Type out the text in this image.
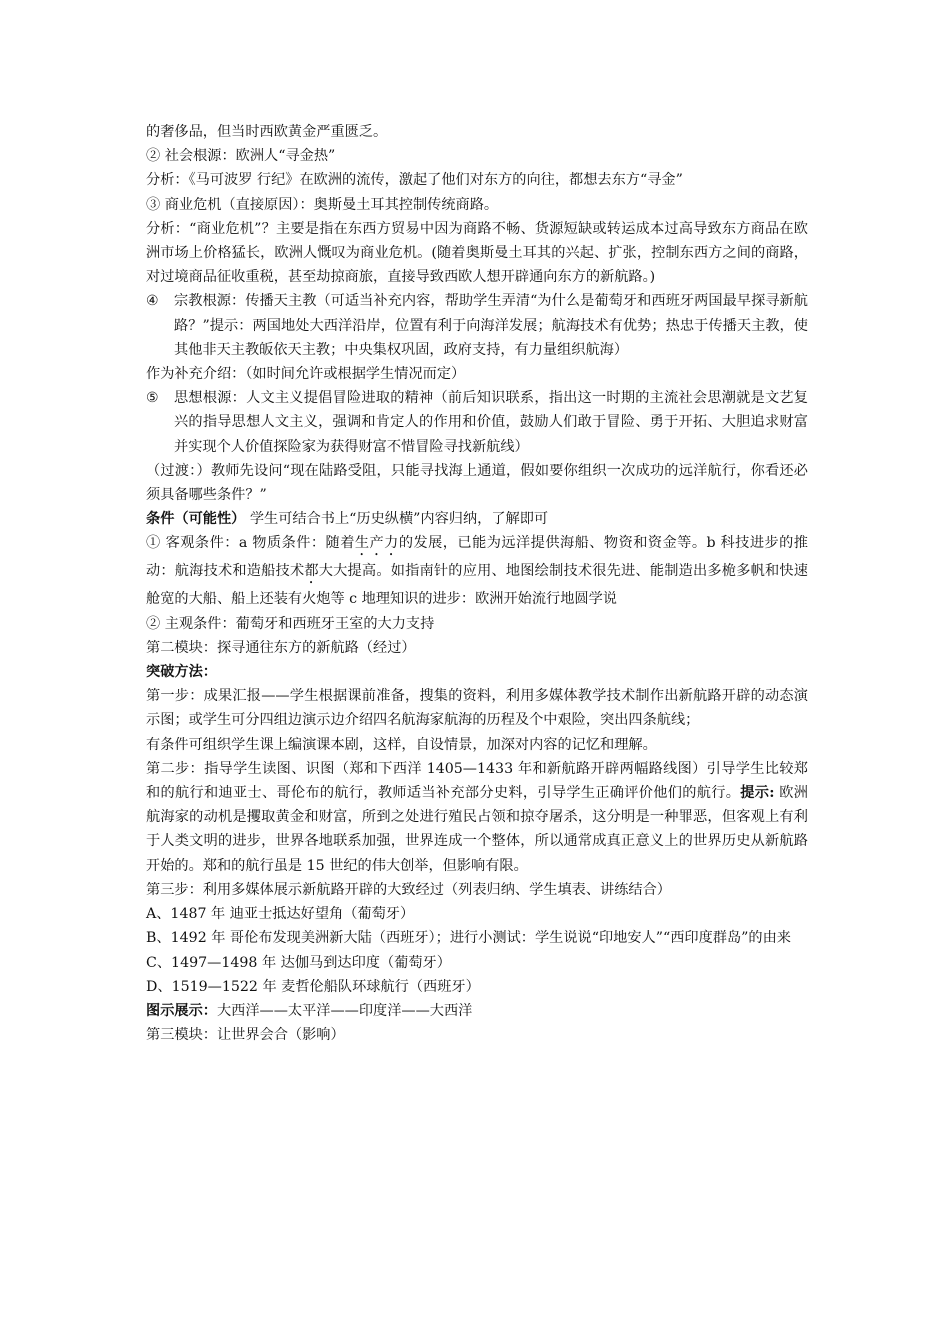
的奢侈品，但当时西欧黄金严重匮乏。

② 社会根源：欧洲人“寻金热”

分析：《马可波罗 行纪》在欧洲的流传，激起了他们对东方的向往，都想去东方“寻金”

③ 商业危机（直接原因）：奥斯曼土耳其控制传统商路。

分析：“商业危机”？主要是指在东西方贸易中因为商路不畅、货源短缺或转运成本过高导致东方商品在欧洲市场上价格猛长，欧洲人慨叹为商业危机。(随着奥斯曼土耳其的兴起、扩张，控制东西方之间的商路，对过境商品征收重税，甚至劫掠商旅，直接导致西欧人想开辟通向东方的新航路。)

④	宗教根源：传播天主教（可适当补充内容，帮助学生弄清“为什么是葡萄牙和西班牙两国最早探寻新航路？”提示：两国地处大西洋沿岸，位置有利于向海洋发展；航海技术有优势；热忠于传播天主教，使其他非天主教皈依天主教；中央集权巩固，政府支持，有力量组织航海）

作为补充介绍：（如时间允许或根据学生情况而定）

⑤	思想根源：人文主义提倡冒险进取的精神（前后知识联系，指出这一时期的主流社会思潮就是文艺复兴的指导思想人文主义，强调和肯定人的作用和价值，鼓励人们敢于冒险、勇于开拓、大胆追求财富并实现个人价值探险家为获得财富不惜冒险寻找新航线）

（过渡：）教师先设问“现在陆路受阻，只能寻找海上通道，假如要你组织一次成功的远洋航行，你看还必须具备哪些条件？”

条件（可能性） 学生可结合书上“历史纵横”内容归纳，了解即可

① 客观条件：a 物质条件：随着生产力的发展，已能为远洋提供海船、物资和资金等。b 科技进步的推动：航海技术和造船技术都大大提高。如指南针的应用、地图绘制技术很先进、能制造出多桅多帆和快速舱宽的大船、船上还装有火炮等 c 地理知识的进步：欧洲开始流行地圆学说

② 主观条件：葡萄牙和西班牙王室的大力支持

第二模块：探寻通往东方的新航路（经过）

突破方法：

第一步：成果汇报——学生根据课前准备，搜集的资料，利用多媒体教学技术制作出新航路开辟的动态演示图；或学生可分四组边演示边介绍四名航海家航海的历程及个中艰险，突出四条航线；

有条件可组织学生课上编演课本剧，这样，自设情景，加深对内容的记忆和理解。

第二步：指导学生读图、识图（郑和下西洋 1405—1433 年和新航路开辟两幅路线图）引导学生比较郑和的航行和迪亚士、哥伦布的航行，教师适当补充部分史料，引导学生正确评价他们的航行。提示: 欧洲航海家的动机是攫取黄金和财富，所到之处进行殖民占领和掠夺屠杀，这分明是一种罪恶，但客观上有利于人类文明的进步，世界各地联系加强，世界连成一个整体，所以通常成真正意义上的世界历史从新航路开始的。郑和的航行虽是 15 世纪的伟大创举，但影响有限。

第三步：利用多媒体展示新航路开辟的大致经过（列表归纳、学生填表、讲练结合）

A、1487 年 迪亚士抵达好望角（葡萄牙）

B、1492 年 哥伦布发现美洲新大陆（西班牙）；进行小测试：学生说说“印地安人”“西印度群岛”的由来

C、1497—1498 年 达伽马到达印度（葡萄牙）

D、1519—1522 年 麦哲伦船队环球航行（西班牙）

图示展示：大西洋——太平洋——印度洋——大西洋

第三模块：让世界会合（影响）
